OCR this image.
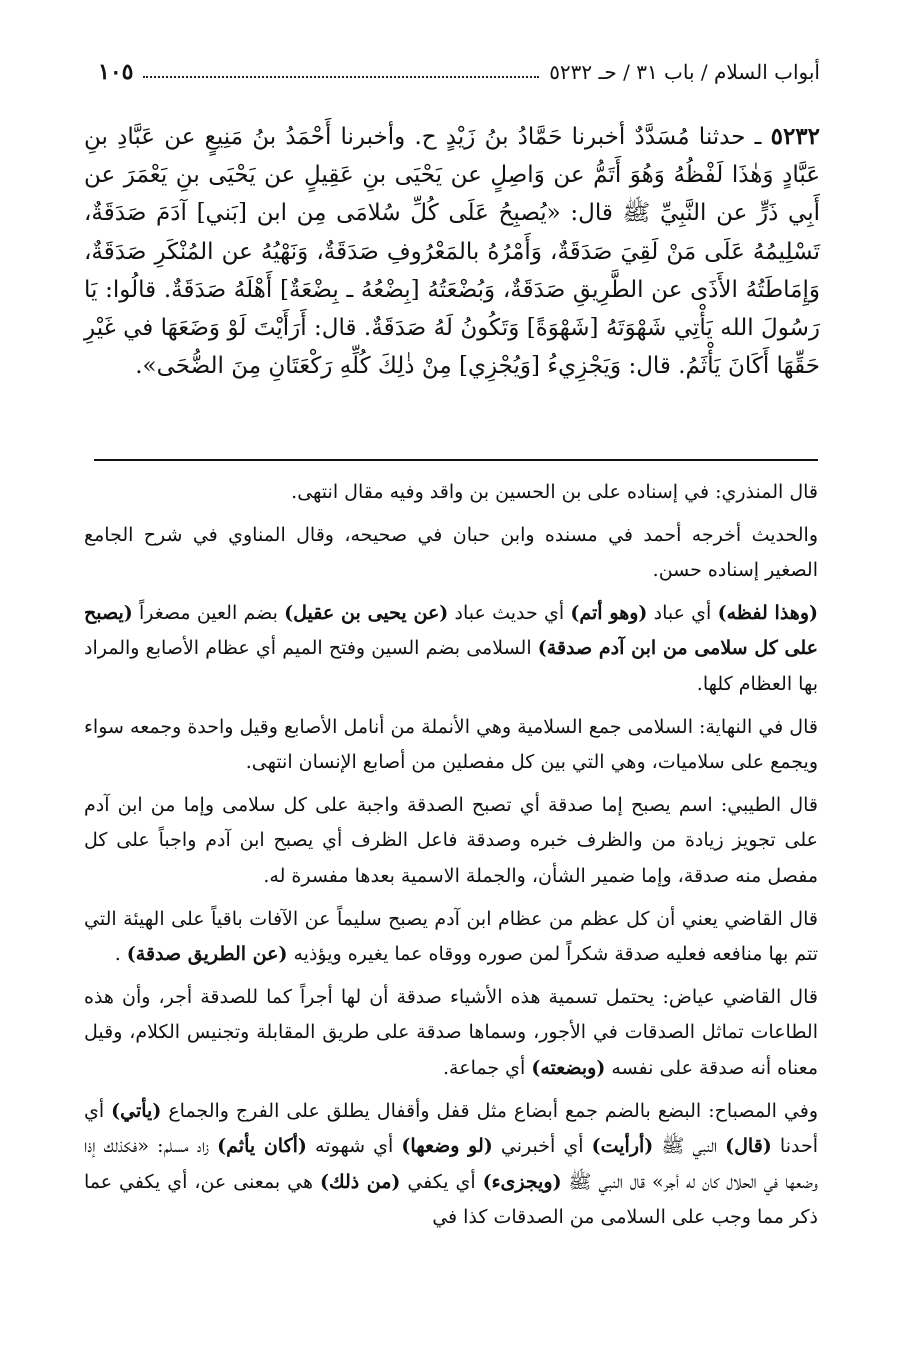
أبواب السلام / باب ٣١ / حـ ٥٢٣٢
١٠٥
٥٢٣٢ ـ حدثنا مُسَدَّدٌ أخبرنا حَمَّادُ بنُ زَيْدٍ ح. وأخبرنا أَحْمَدُ بنُ مَنِيعٍ عن عَبَّادِ بنِ عَبَّادٍ وَهٰذَا لَفْظُهُ وَهُوَ أَتَمُّ عن وَاصِلٍ عن يَحْيَى بنِ عَقِيلٍ عن يَحْيَى بنِ يَعْمَرَ عن أَبِي ذَرٍّ عن النَّبِيِّ ﷺ قال: «يُصبِحُ عَلَى كُلِّ سُلامَى مِن ابن [بَني] آدَمَ صَدَقَةٌ، تَسْلِيمُهُ عَلَى مَنْ لَقِيَ صَدَقَةٌ، وَأَمْرُهُ بالمَعْرُوفِ صَدَقَةٌ، وَنَهْيُهُ عن المُنْكَرِ صَدَقَةٌ، وَإِمَاطَتُهُ الأَذَى عن الطَّرِيقِ صَدَقَةٌ، وَبُضْعَتُهُ [بِضْعُهُ ـ بِضْعَةٌ] أَهْلَهُ صَدَقَةٌ. قالُوا: يَا رَسُولَ الله يَأْتِي شَهْوَتَهُ [شَهْوَةً] وَتَكُونُ لَهُ صَدَقَةٌ. قال: أَرَأَيْتَ لَوْ وَضَعَهَا في غَيْرِ حَقِّهَا أَكَانَ يَأْثَمُ. قال: وَيَجْزِيءُ [وَيُجْزِي] مِنْ ذٰلِكَ كُلِّهِ رَكْعَتَانِ مِنَ الضُّحَى».

قال المنذري: في إسناده على بن الحسين بن واقد وفيه مقال انتهى.

والحديث أخرجه أحمد في مسنده وابن حبان في صحيحه، وقال المناوي في شرح الجامع الصغير إسناده حسن.

(وهذا لفظه) أي عباد (وهو أتم) أي حديث عباد (عن يحيى بن عقيل) بضم العين مصغراً (يصبح على كل سلامى من ابن آدم صدقة) السلامى بضم السين وفتح الميم أي عظام الأصابع والمراد بها العظام كلها.

قال في النهاية: السلامى جمع السلامية وهي الأنملة من أنامل الأصابع وقيل واحدة وجمعه سواء ويجمع على سلاميات، وهي التي بين كل مفصلين من أصابع الإنسان انتهى.

قال الطيبي: اسم يصبح إما صدقة أي تصبح الصدقة واجبة على كل سلامى وإما من ابن آدم على تجويز زيادة من والظرف خبره وصدقة فاعل الظرف أي يصبح ابن آدم واجباً على كل مفصل منه صدقة، وإما ضمير الشأن، والجملة الاسمية بعدها مفسرة له.

قال القاضي يعني أن كل عظم من عظام ابن آدم يصبح سليماً عن الآفات باقياً على الهيئة التي تتم بها منافعه فعليه صدقة شكراً لمن صوره ووقاه عما يغيره ويؤذيه (عن الطريق صدقة) .

قال القاضي عياض: يحتمل تسمية هذه الأشياء صدقة أن لها أجراً كما للصدقة أجر، وأن هذه الطاعات تماثل الصدقات في الأجور، وسماها صدقة على طريق المقابلة وتجنيس الكلام، وقيل معناه أنه صدقة على نفسه (وبضعته) أي جماعة.

وفي المصباح: البضع بالضم جمع أبضاع مثل قفل وأقفال يطلق على الفرج والجماع (يأتي) أي أحدنا (قال) النبي ﷺ (أرأيت) أي أخبرني (لو وضعها) أي شهوته (أكان يأثم) زاد مسلم: «فكذلك إذا وضعها في الحلال كان له أجر» قال النبي ﷺ (ويجزىء) أي يكفي (من ذلك) هي بمعنى عن، أي يكفي عما ذكر مما وجب على السلامى من الصدقات كذا في
